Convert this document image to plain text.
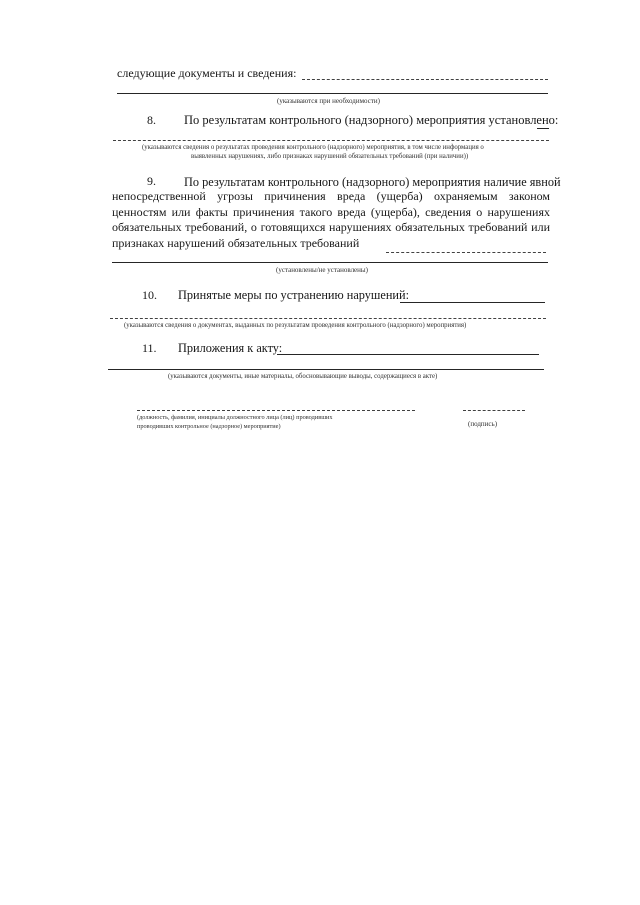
следующие документы и сведения:
(указываются при необходимости)
8. По результатам контрольного (надзорного) мероприятия установлено:
(указываются сведения о результатах проведения контрольного (надзорного) мероприятия, в том числе информация о
выявленных нарушениях, либо признаках нарушений обязательных требований (при наличии))
9. По результатам контрольного (надзорного) мероприятия наличие явной
непосредственной угрозы причинения вреда (ущерба) охраняемым законом ценностям или факты причинения такого вреда (ущерба), сведения о нарушениях обязательных требований, о готовящихся нарушениях обязательных требований или признаках нарушений обязательных требований
(установлены/не установлены)
10. Принятые меры по устранению нарушений:
(указываются сведения о документах, выданных по результатам проведения контрольного (надзорного) мероприятия)
11. Приложения к акту:
(указываются документы, иные материалы, обосновывающие выводы, содержащиеся в акте)
(должность, фамилия, инициалы должностного лица (лиц) проводивших
проводивших контрольное (надзорное) мероприятие)	(подпись)
